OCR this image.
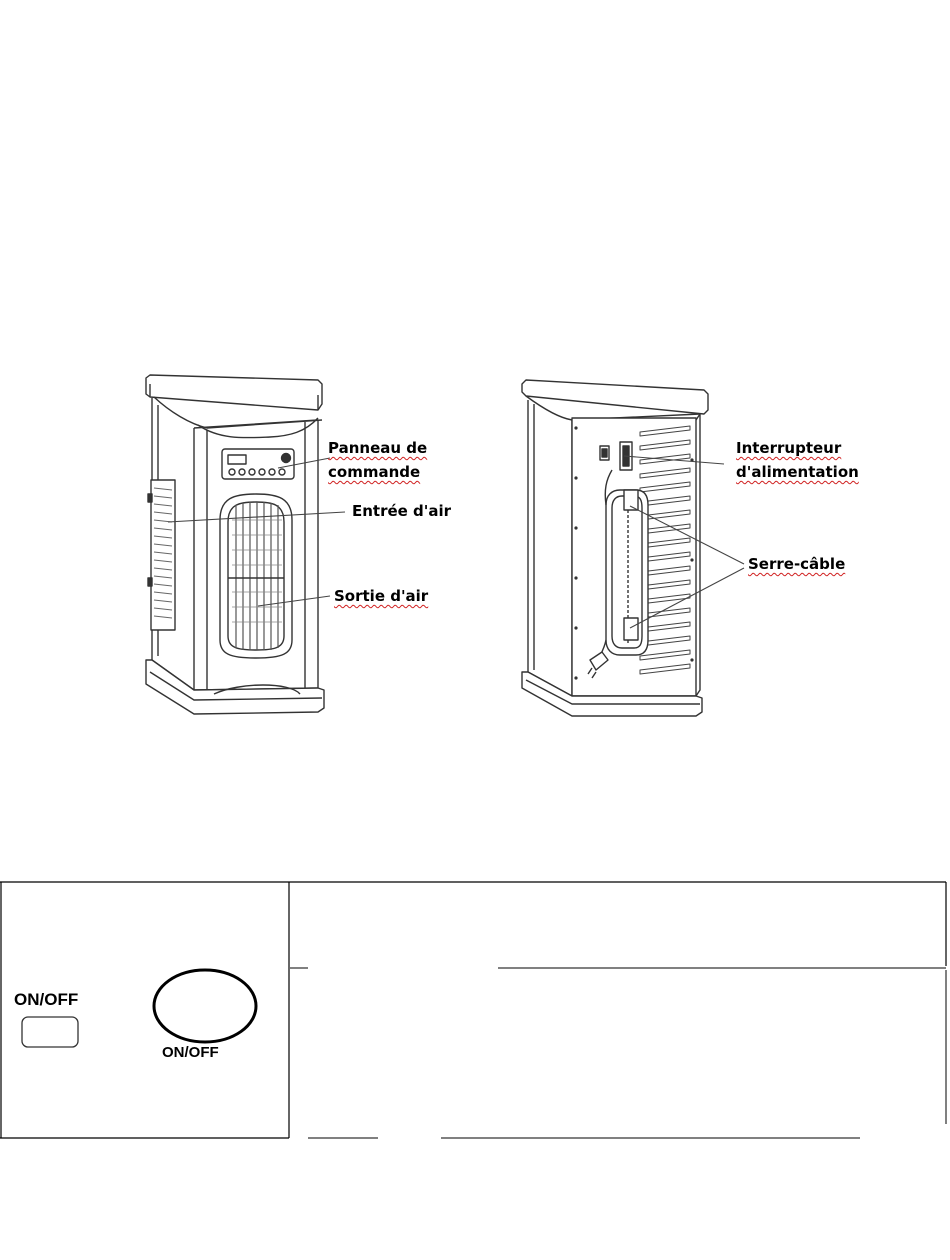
Panneau de
commande
Entrée d'air
Sortie d'air
Interrupteur
d'alimentation
Serre-câble
ON/OFF
ON/OFF
